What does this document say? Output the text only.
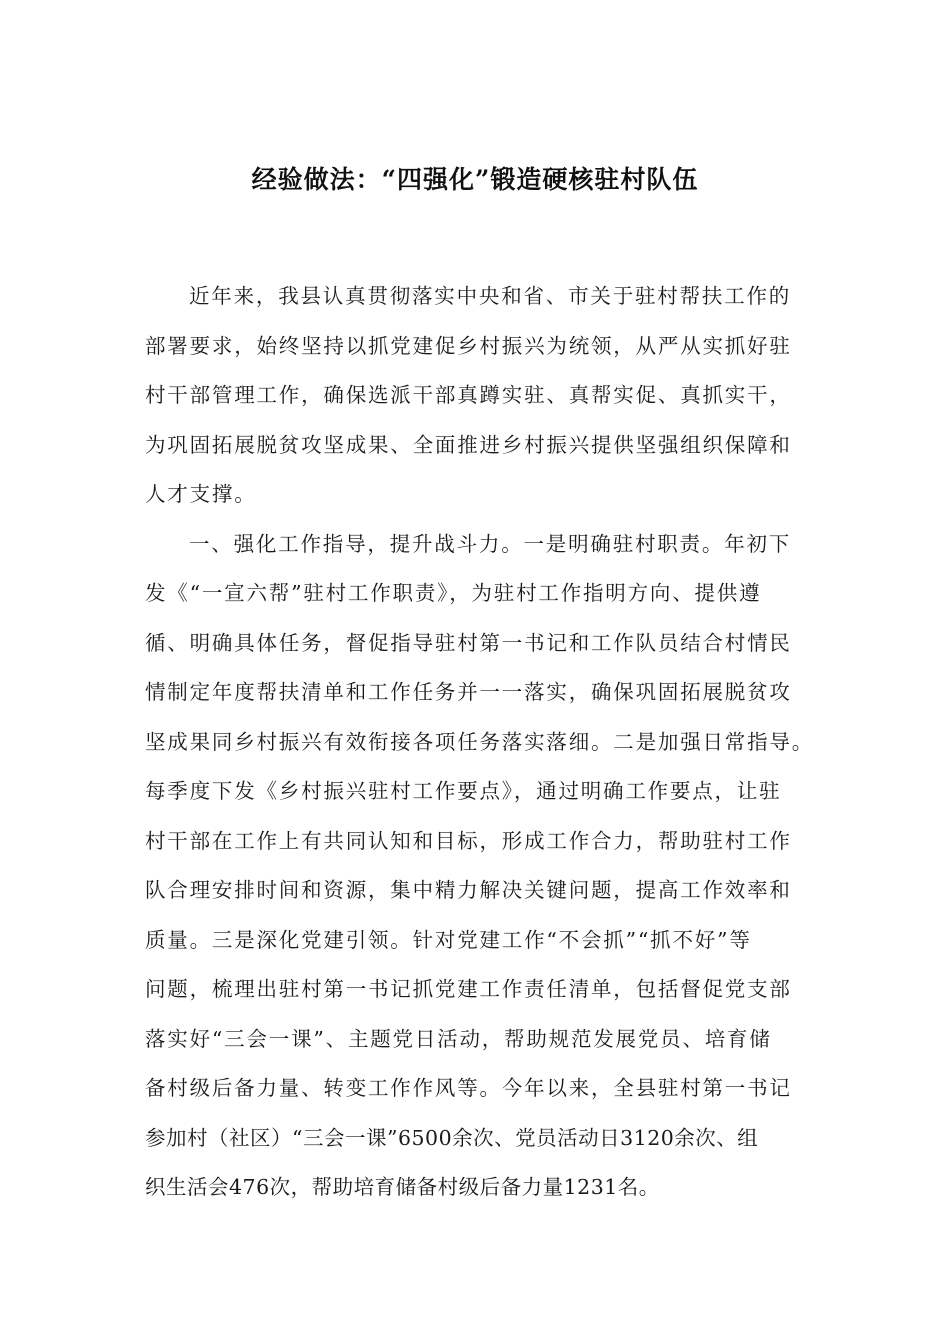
经验做法：“四强化”锻造硬核驻村队伍
近年来，我县认真贯彻落实中央和省、市关于驻村帮扶工作的
部署要求，始终坚持以抓党建促乡村振兴为统领，从严从实抓好驻
村干部管理工作，确保选派干部真蹲实驻、真帮实促、真抓实干，
为巩固拓展脱贫攻坚成果、全面推进乡村振兴提供坚强组织保障和
人才支撑。
一、强化工作指导，提升战斗力。一是明确驻村职责。年初下
发《“一宣六帮”驻村工作职责》，为驻村工作指明方向、提供遵
循、明确具体任务，督促指导驻村第一书记和工作队员结合村情民
情制定年度帮扶清单和工作任务并一一落实，确保巩固拓展脱贫攻
坚成果同乡村振兴有效衔接各项任务落实落细。二是加强日常指导。
每季度下发《乡村振兴驻村工作要点》，通过明确工作要点，让驻
村干部在工作上有共同认知和目标，形成工作合力，帮助驻村工作
队合理安排时间和资源，集中精力解决关键问题，提高工作效率和
质量。三是深化党建引领。针对党建工作“不会抓”“抓不好”等
问题，梳理出驻村第一书记抓党建工作责任清单，包括督促党支部
落实好“三会一课”、主题党日活动，帮助规范发展党员、培育储
备村级后备力量、转变工作作风等。今年以来，全县驻村第一书记
参加村（社区）“三会一课”6500余次、党员活动日3120余次、组
织生活会476次，帮助培育储备村级后备力量1231名。
